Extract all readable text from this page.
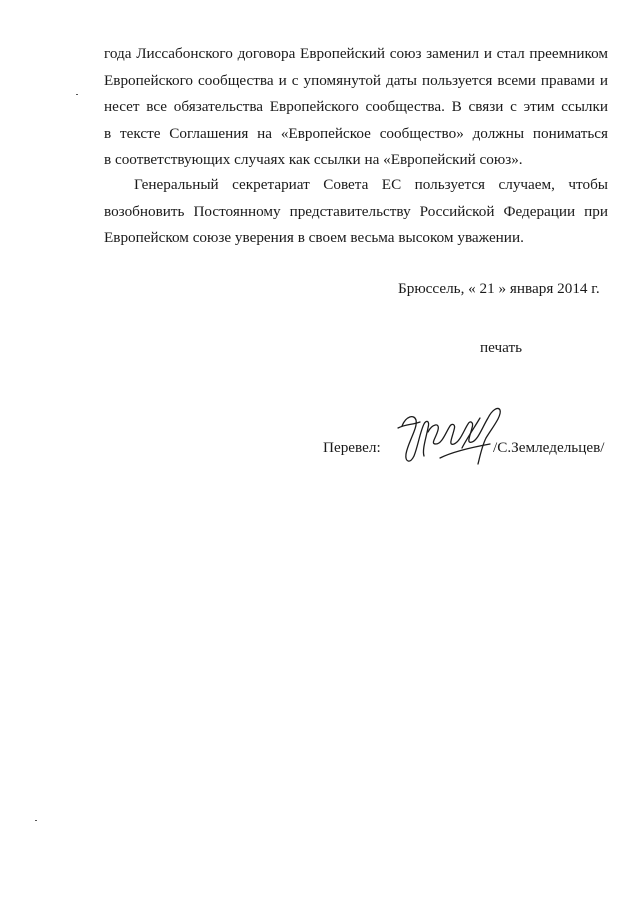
года Лиссабонского договора Европейский союз заменил и стал преемником
Европейского сообщества и с упомянутой даты пользуется всеми правами и
несет все обязательства Европейского сообщества. В связи с этим ссылки
в тексте Соглашения на «Европейское сообщество» должны пониматься
в соответствующих случаях как ссылки на «Европейский союз».
Генеральный секретариат Совета ЕС пользуется случаем, чтобы
возобновить Постоянному представительству Российской Федерации при
Европейском союзе уверения в своем весьма высоком уважении.
Брюссель, « 21 » января 2014 г.
печать
Перевел:	/С.Земледельцев/
